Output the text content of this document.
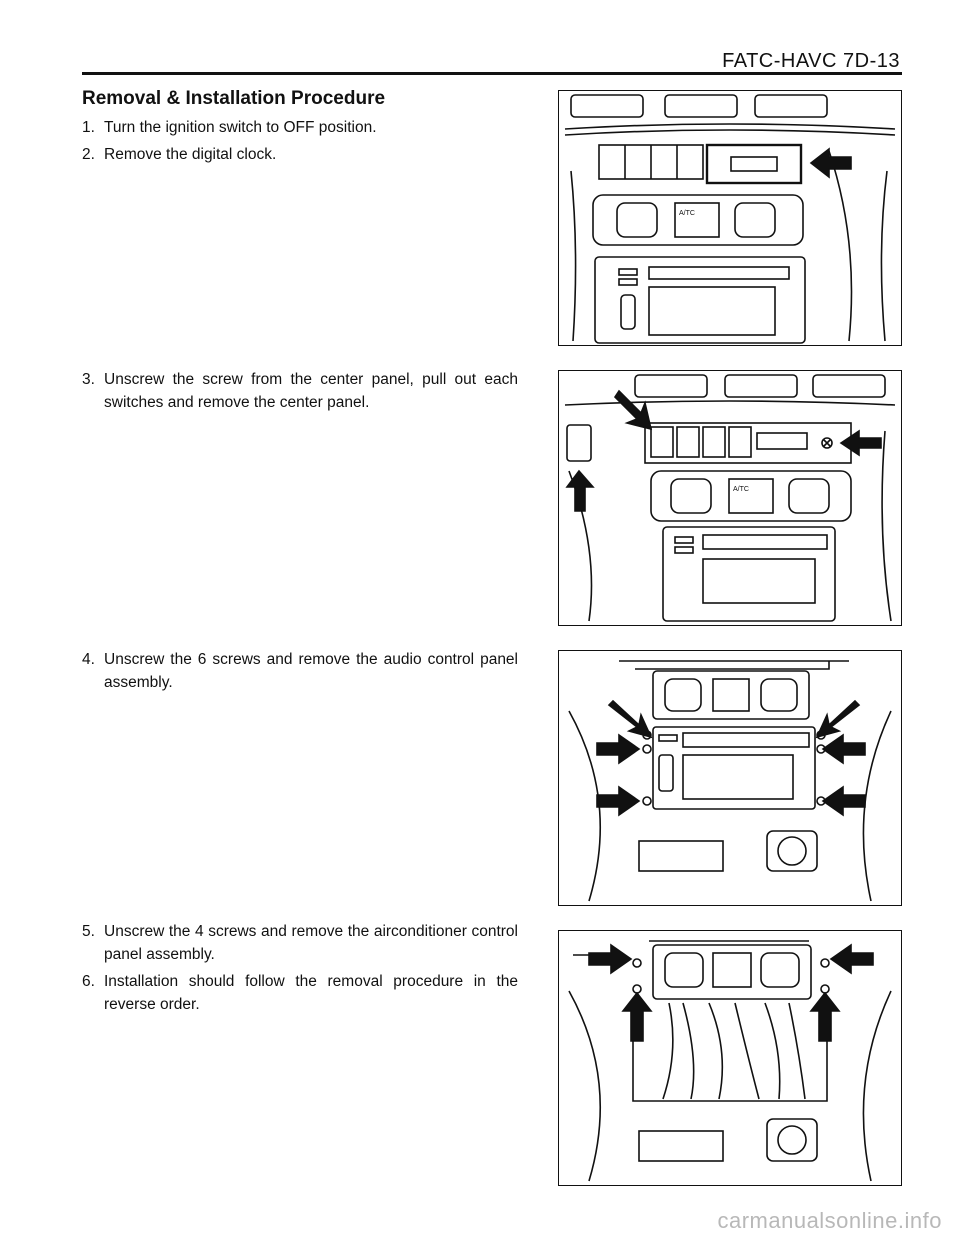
FATC-HAVC 7D-13
Removal & Installation Procedure
1. Turn the ignition switch to OFF position.
2. Remove the digital clock.
3. Unscrew the screw from the center panel, pull out each switches and remove the center panel.
4. Unscrew the 6 screws and remove the audio control panel assembly.
5. Unscrew the 4 screws and remove the airconditioner control panel assembly.
6. Installation should follow the removal procedure in the reverse order.
A/TC
A/TC
carmanualsonline.info
